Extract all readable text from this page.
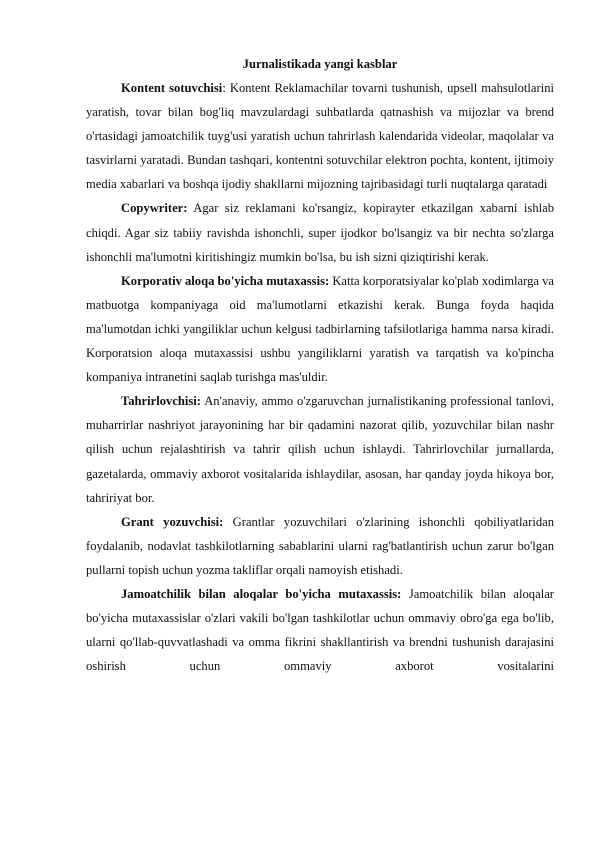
Jurnalistikada yangi kasblar

Kontent sotuvchisi: Kontent Reklamachilar tovarni tushunish, upsell mahsulotlarini yaratish, tovar bilan bog'liq mavzulardagi suhbatlarda qatnashish va mijozlar va brend o'rtasidagi jamoatchilik tuyg'usi yaratish uchun tahrirlash kalendarida videolar, maqolalar va tasvirlarni yaratadi. Bundan tashqari, kontentni sotuvchilar elektron pochta, kontent, ijtimoiy media xabarlari va boshqa ijodiy shakllarni mijozning tajribasidagi turli nuqtalarga qaratadi

Copywriter: Agar siz reklamani ko'rsangiz, kopirayter etkazilgan xabarni ishlab chiqdi. Agar siz tabiiy ravishda ishonchli, super ijodkor bo'lsangiz va bir nechta so'zlarga ishonchli ma'lumotni kiritishingiz mumkin bo'lsa, bu ish sizni qiziqtirishi kerak.

Korporativ aloqa bo'yicha mutaxassis: Katta korporatsiyalar ko'plab xodimlarga va matbuotga kompaniyaga oid ma'lumotlarni etkazishi kerak. Bunga foyda haqida ma'lumotdan ichki yangiliklar uchun kelgusi tadbirlarning tafsilotlariga hamma narsa kiradi. Korporatsion aloqa mutaxassisi ushbu yangiliklarni yaratish va tarqatish va ko'pincha kompaniya intranetini saqlab turishga mas'uldir.

Tahrirlovchisi: An'anaviy, ammo o'zgaruvchan jurnalistikaning professional tanlovi, muharrirlar nashriyot jarayonining har bir qadamini nazorat qilib, yozuvchilar bilan nashr qilish uchun rejalashtirish va tahrir qilish uchun ishlaydi. Tahrirlovchilar jurnallarda, gazetalarda, ommaviy axborot vositalarida ishlaydilar, asosan, har qanday joyda hikoya bor, tahririyat bor.

Grant yozuvchisi: Grantlar yozuvchilari o'zlarining ishonchli qobiliyatlaridan foydalanib, nodavlat tashkilotlarning sabablarini ularni rag'batlantirish uchun zarur bo'lgan pullarni topish uchun yozma takliflar orqali namoyish etishadi.

Jamoatchilik bilan aloqalar bo'yicha mutaxassis: Jamoatchilik bilan aloqalar bo'yicha mutaxassislar o'zlari vakili bo'lgan tashkilotlar uchun ommaviy obro'ga ega bo'lib, ularni qo'llab-quvvatlashadi va omma fikrini shakllantirish va brendni tushunish darajasini oshirish uchun ommaviy axborot vositalarini
